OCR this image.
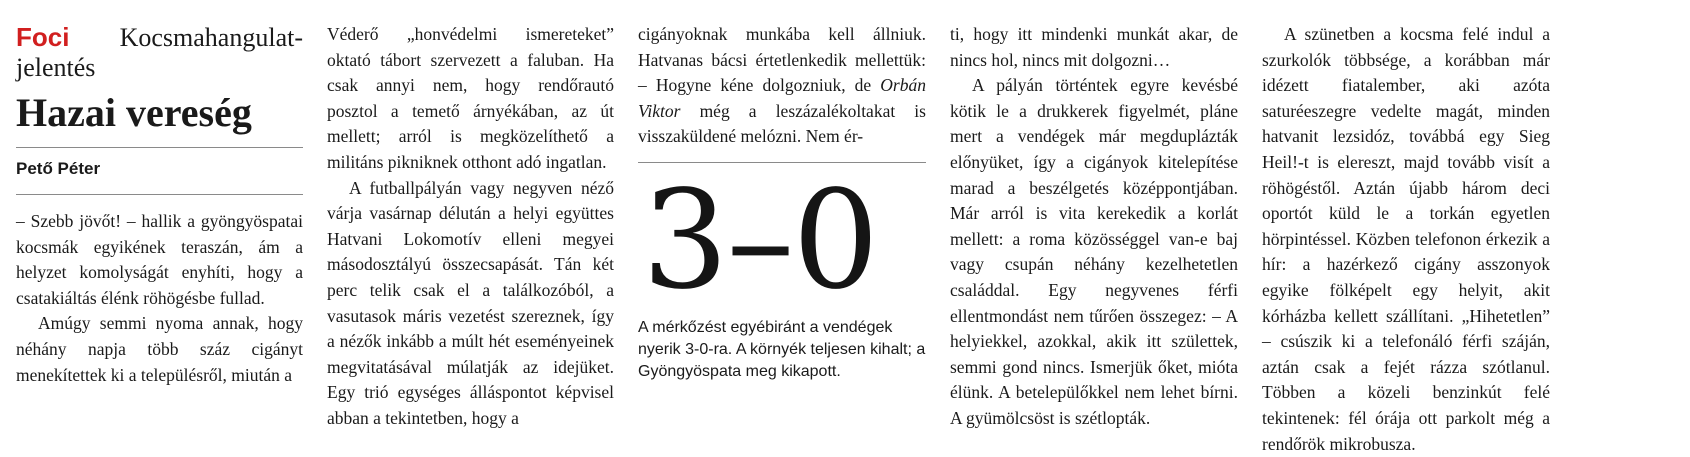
Foci Kocsmahangulat-jelentés

Hazai vereség
Pető Péter

– Szebb jövőt! – hallik a gyöngyöspatai kocsmák egyikének teraszán, ám a helyzet komolyságát enyhíti, hogy a csatakiáltás élénk röhögésbe fullad.

Amúgy semmi nyoma annak, hogy néhány napja több száz cigányt menekítettek ki a településről, miután a

Véderő „honvédelmi ismereteket” oktató tábort szervezett a faluban. Ha csak annyi nem, hogy rendőrautó posztol a temető árnyékában, az út mellett; arról is megközelíthető a militáns pikniknek otthont adó ingatlan.

A futballpályán vagy negyven néző várja vasárnap délután a helyi együttes Hatvani Lokomotív elleni megyei másodosztályú összecsapását. Tán két perc telik csak el a találkozóból, a vasutasok máris vezetést szereznek, így a nézők inkább a múlt hét eseményeinek megvitatásával múlatják az idejüket. Egy trió egységes álláspontot képvisel abban a tekintetben, hogy a

cigányoknak munkába kell állniuk. Hatvanas bácsi értetlenkedik mellettük: – Hogyne kéne dolgozniuk, de Orbán Viktor még a leszázalékoltakat is visszaküldené melózni. Nem ér-

3–0

A mérkőzést egyébiránt a vendégek nyerik 3-0-ra. A környék teljesen kihalt; a Gyöngyöspata meg kikapott.

ti, hogy itt mindenki munkát akar, de nincs hol, nincs mit dolgozni…

A pályán történtek egyre kevésbé kötik le a drukkerek figyelmét, pláne mert a vendégek már megduplázták előnyüket, így a cigányok kitelepítése marad a beszélgetés középpontjában. Már arról is vita kerekedik a korlát mellett: a roma közösséggel van-e baj vagy csupán néhány kezelhetetlen családdal. Egy negyvenes férfi ellentmondást nem tűrően összegez: – A helyiekkel, azokkal, akik itt születtek, semmi gond nincs. Ismerjük őket, mióta élünk. A betelepülőkkel nem lehet bírni. A gyümölcsöst is szétlopták.

A szünetben a kocsma felé indul a szurkolók többsége, a korábban már idézett fiatalember, aki azóta saturéeszegre vedelte magát, minden hatvanit lezsidóz, továbbá egy Sieg Heil!-t is elereszt, majd tovább visít a röhögéstől. Aztán újabb három deci oportót küld le a torkán egyetlen hörpintéssel. Közben telefonon érkezik a hír: a hazérkező cigány asszonyok egyike fölképelt egy helyit, akit kórházba kellett szállítani. „Hihetetlen” – csúszik ki a telefonáló férfi száján, aztán csak a fejét rázza szótlanul. Többen a közeli benzinkút felé tekintenek: fél órája ott parkolt még a rendőrök mikrobusza.
